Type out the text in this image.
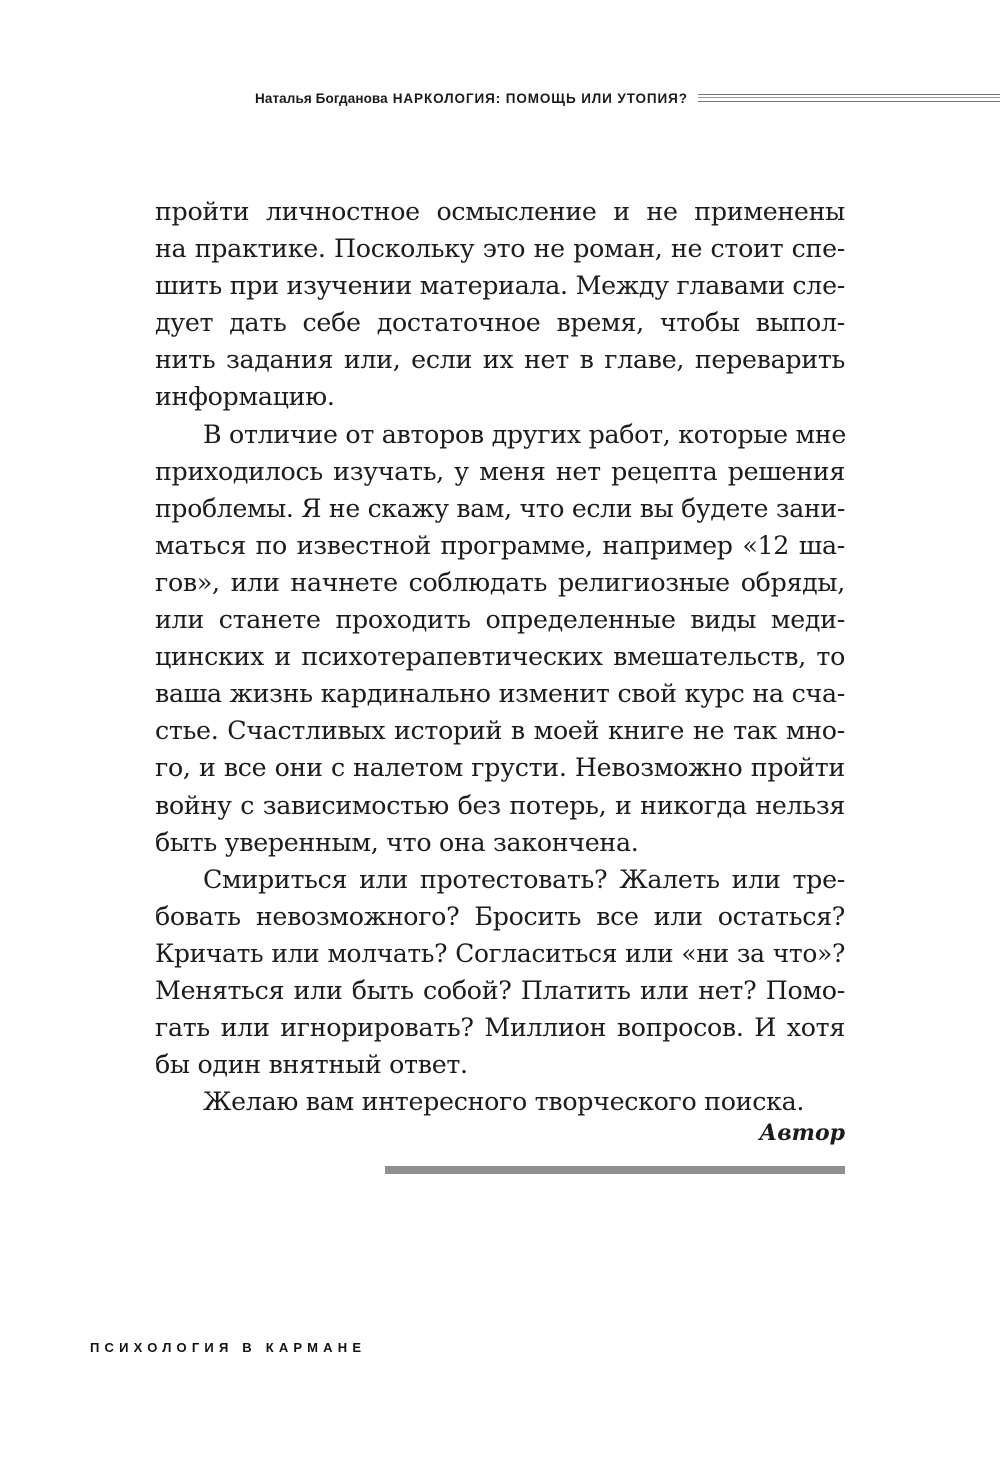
Наталья Богданова НАРКОЛОГИЯ: ПОМОЩЬ ИЛИ УТОПИЯ?
пройти личностное осмысление и не применены
на практике. Поскольку это не роман, не стоит спе-
шить при изучении материала. Между главами сле-
дует дать себе достаточное время, чтобы выпол-
нить задания или, если их нет в главе, переварить
информацию.
В отличие от авторов других работ, которые мне
приходилось изучать, у меня нет рецепта решения
проблемы. Я не скажу вам, что если вы будете зани-
маться по известной программе, например «12 ша-
гов», или начнете соблюдать религиозные обряды,
или станете проходить определенные виды меди-
цинских и психотерапевтических вмешательств, то
ваша жизнь кардинально изменит свой курс на сча-
стье. Счастливых историй в моей книге не так мно-
го, и все они с налетом грусти. Невозможно пройти
войну с зависимостью без потерь, и никогда нельзя
быть уверенным, что она закончена.
Смириться или протестовать? Жалеть или тре-
бовать невозможного? Бросить все или остаться?
Кричать или молчать? Согласиться или «ни за что»?
Меняться или быть собой? Платить или нет? Помо-
гать или игнорировать? Миллион вопросов. И хотя
бы один внятный ответ.
Желаю вам интересного творческого поиска.
Автор
ПСИХОЛОГИЯ В КАРМАНЕ
